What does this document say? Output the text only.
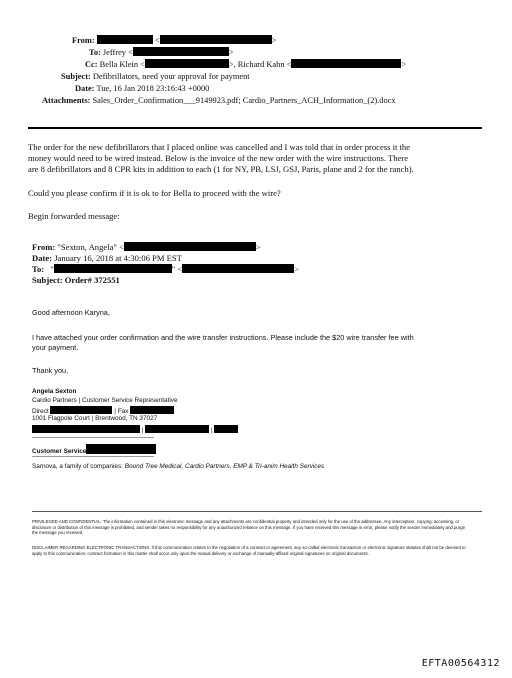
From:	<	>
To: Jeffrey <	>
Cc: Bella Klein <	>, Richard Kahn <	>
Subject: Defibrillators, need your approval for payment
Date: Tue, 16 Jan 2018 23:16:43 +0000
Attachments: Sales_Order_Confirmation___9149923.pdf; Cardio_Partners_ACH_Information_(2).docx
The order for the new defibrillators that I placed online was cancelled and I was told that in order process it the
money would need to be wired instead. Below is the invoice of the new order with the wire instructions. There
are 8 defibrillators and 8 CPR kits in addition to each (1 for NY, PB, LSJ, GSJ, Paris, plane and 2 for the ranch).
Could you please confirm if it is ok to for Bella to proceed with the wire?
Begin forwarded message:
From: "Sexton, Angela" <	>
Date: January 16, 2018 at 4:30:06 PM EST
To: "	" <	>
Subject: Order# 372551
Good afternoon Karyna,
I have attached your order confirmation and the wire transfer instructions. Please include the $20 wire transfer fee with
your payment.
Thank you,
Angela Sexton
Cardio Partners | Customer Service Representative
Direct	| Fax
1001 Flagpole Court | Brentwood, TN 37027
|	|
Customer Service
Sarnova, a family of companies: Bound Tree Medical, Cardio Partners, EMP & Tri-anim Health Services
PRIVILEGED AND CONFIDENTIAL: The information contained in this electronic message and any attachments are confidential property and intended only for the use of the addressee. Any interception, copying, accessing, or disclosure or distribution of this message is prohibited, and sender takes no responsibility for any unauthorized reliance on this message. If you have received this message in error, please notify the sender immediately and purge the message you received.
DISCLAIMER REGARDING ELECTRONIC TRANSACTIONS: If this communication relates to the negotiation of a contract or agreement, any so-called electronic transaction or electronic signature statutes shall not be deemed to apply to this communication; contract formation in this matter shall occur only upon the mutual delivery or exchange of manually-affixed original signatures on original documents.
EFTA00564312
